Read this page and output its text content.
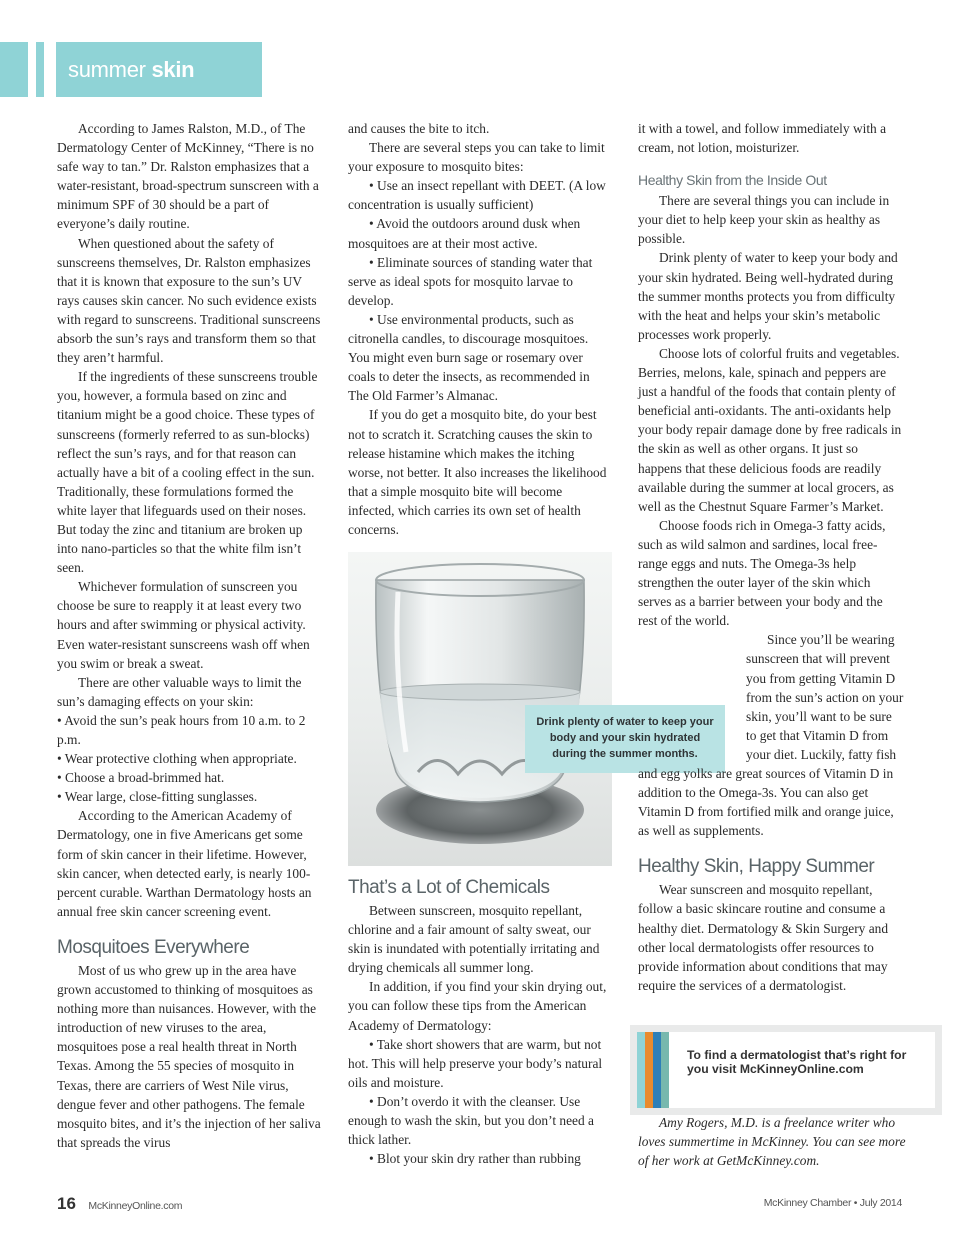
summer skin

According to James Ralston, M.D., of The Dermatology Center of McKinney, “There is no safe way to tan.” Dr. Ralston emphasizes that a water-resistant, broad-spectrum sunscreen with a minimum SPF of 30 should be a part of everyone’s daily routine.

When questioned about the safety of sunscreens themselves, Dr. Ralston emphasizes that it is known that exposure to the sun’s UV rays causes skin cancer. No such evidence exists with regard to sunscreens. Traditional sunscreens absorb the sun’s rays and transform them so that they aren’t harmful.

If the ingredients of these sunscreens trouble you, however, a formula based on zinc and titanium might be a good choice. These types of sunscreens (formerly referred to as sun-blocks) reflect the sun’s rays, and for that reason can actually have a bit of a cooling effect in the sun. Traditionally, these formulations formed the white layer that lifeguards used on their noses. But today the zinc and titanium are broken up into nano-particles so that the white film isn’t seen.

Whichever formulation of sunscreen you choose be sure to reapply it at least every two hours and after swimming or physical activity. Even water-resistant sunscreens wash off when you swim or break a sweat.

There are other valuable ways to limit the sun’s damaging effects on your skin:

• Avoid the sun’s peak hours from 10 a.m. to 2 p.m.

• Wear protective clothing when appropriate.

• Choose a broad-brimmed hat.

• Wear large, close-fitting sunglasses.

According to the American Academy of Dermatology, one in five Americans get some form of skin cancer in their lifetime. However, skin cancer, when detected early, is nearly 100-percent curable. Warthan Dermatology hosts an annual free skin cancer screening event.

Mosquitoes Everywhere

Most of us who grew up in the area have grown accustomed to thinking of mosquitoes as nothing more than nuisances. However, with the introduction of new viruses to the area, mosquitoes pose a real health threat in North Texas. Among the 55 species of mosquito in Texas, there are carriers of West Nile virus, dengue fever and other pathogens. The female mosquito bites, and it’s the injection of her saliva that spreads the virus

and causes the bite to itch.

There are several steps you can take to limit your exposure to mosquito bites:

• Use an insect repellant with DEET. (A low concentration is usually sufficient)

• Avoid the outdoors around dusk when mosquitoes are at their most active.

• Eliminate sources of standing water that serve as ideal spots for mosquito larvae to develop.

• Use environmental products, such as citronella candles, to discourage mosquitoes. You might even burn sage or rosemary over coals to deter the insects, as recommended in The Old Farmer’s Almanac.

If you do get a mosquito bite, do your best not to scratch it. Scratching causes the skin to release histamine which makes the itching worse, not better. It also increases the likelihood that a simple mosquito bite will become infected, which carries its own set of health concerns.

Drink plenty of water to keep your body and your skin hydrated during the summer months.
That’s a Lot of Chemicals

Between sunscreen, mosquito repellant, chlorine and a fair amount of salty sweat, our skin is inundated with potentially irritating and drying chemicals all summer long.

In addition, if you find your skin drying out, you can follow these tips from the American Academy of Dermatology:

• Take short showers that are warm, but not hot. This will help preserve your body’s natural oils and moisture.

• Don’t overdo it with the cleanser. Use enough to wash the skin, but you don’t need a thick lather.

• Blot your skin dry rather than rubbing

it with a towel, and follow immediately with a cream, not lotion, moisturizer.

Healthy Skin from the Inside Out

There are several things you can include in your diet to help keep your skin as healthy as possible.

Drink plenty of water to keep your body and your skin hydrated. Being well-hydrated during the summer months protects you from difficulty with the heat and helps your skin’s metabolic processes work properly.

Choose lots of colorful fruits and vegetables. Berries, melons, kale, spinach and peppers are just a handful of the foods that contain plenty of beneficial anti-oxidants. The anti-oxidants help your body repair damage done by free radicals in the skin as well as other organs. It just so happens that these delicious foods are readily available during the summer at local grocers, as well as the Chestnut Square Farmer’s Market.

Choose foods rich in Omega-3 fatty acids, such as wild salmon and sardines, local free-range eggs and nuts. The Omega-3s help strengthen the outer layer of the skin which serves as a barrier between your body and the rest of the world.

Since you’ll be wearing sunscreen that will prevent you from getting Vitamin D from the sun’s action on your skin, you’ll want to be sure to get that Vitamin D from your diet. Luckily, fatty fish and egg yolks are great sources of Vitamin D in addition to the Omega-3s. You can also get Vitamin D from fortified milk and orange juice, as well as supplements.

Healthy Skin, Happy Summer

Wear sunscreen and mosquito repellant, follow a basic skincare routine and consume a healthy diet. Dermatology & Skin Surgery and other local dermatologists offer resources to provide information about conditions that may require the services of a dermatologist.

To find a dermatologist that’s right for you visit McKinneyOnline.com

Amy Rogers, M.D. is a freelance writer who loves summertime in McKinney. You can see more of her work at GetMcKinney.com.

16 McKinneyOnline.com	McKinney Chamber • July 2014
